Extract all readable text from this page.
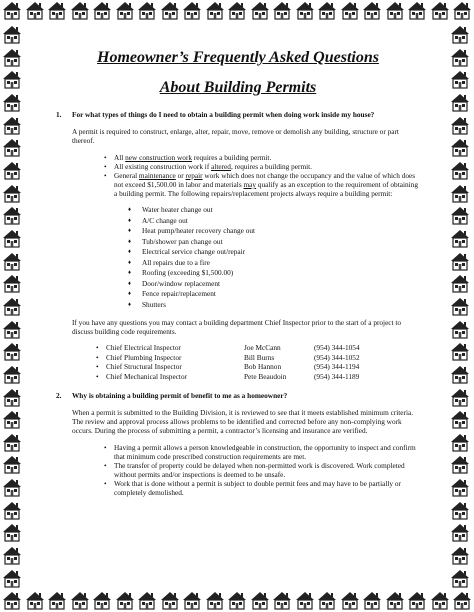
Homeowner’s Frequently Asked Questions
About Building Permits
1.	For what types of things do I need to obtain a building permit when doing work inside my house?

A permit is required to construct, enlarge, alter, repair, move, remove or demolish any building, structure or part thereof.

• All new construction work requires a building permit.
• All existing construction work if altered, requires a building permit.
• General maintenance or repair work which does not change the occupancy and the value of which does not exceed $1,500.00 in labor and materials may qualify as an exception to the requirement of obtaining a building permit. The following repairs/replacement projects always require a building permit:
♦ Water heater change out
♦ A/C change out
♦ Heat pump/heater recovery change out
♦ Tub/shower pan change out
♦ Electrical service change out/repair
♦ All repairs due to a fire
♦ Roofing (exceeding $1,500.00)
♦ Door/window replacement
♦ Fence repair/replacement
♦ Shutters

If you have any questions you may contact a building department Chief Inspector prior to the start of a project to discuss building code requirements.

•	Chief Electrical Inspector	Joe McCann	(954) 344-1054
•	Chief Plumbing Inspector	Bill Burns	(954) 344-1052
•	Chief Structural Inspector	Bob Hannon	(954) 344-1194
•	Chief Mechanical Inspector	Pete Beaudoin	(954) 344-1189
2.	Why is obtaining a building permit of benefit to me as a homeowner?

When a permit is submitted to the Building Division, it is reviewed to see that it meets established minimum criteria. The review and approval process allows problems to be identified and corrected before any non-complying work occurs. During the process of submitting a permit, a contractor’s licensing and insurance are verified.

• Having a permit allows a person knowledgeable in construction, the opportunity to inspect and confirm that minimum code prescribed construction requirements are met.
• The transfer of property could be delayed when non-permitted work is discovered. Work completed without permits and/or inspections is deemed to be unsafe.
• Work that is done without a permit is subject to double permit fees and may have to be partially or completely demolished.
